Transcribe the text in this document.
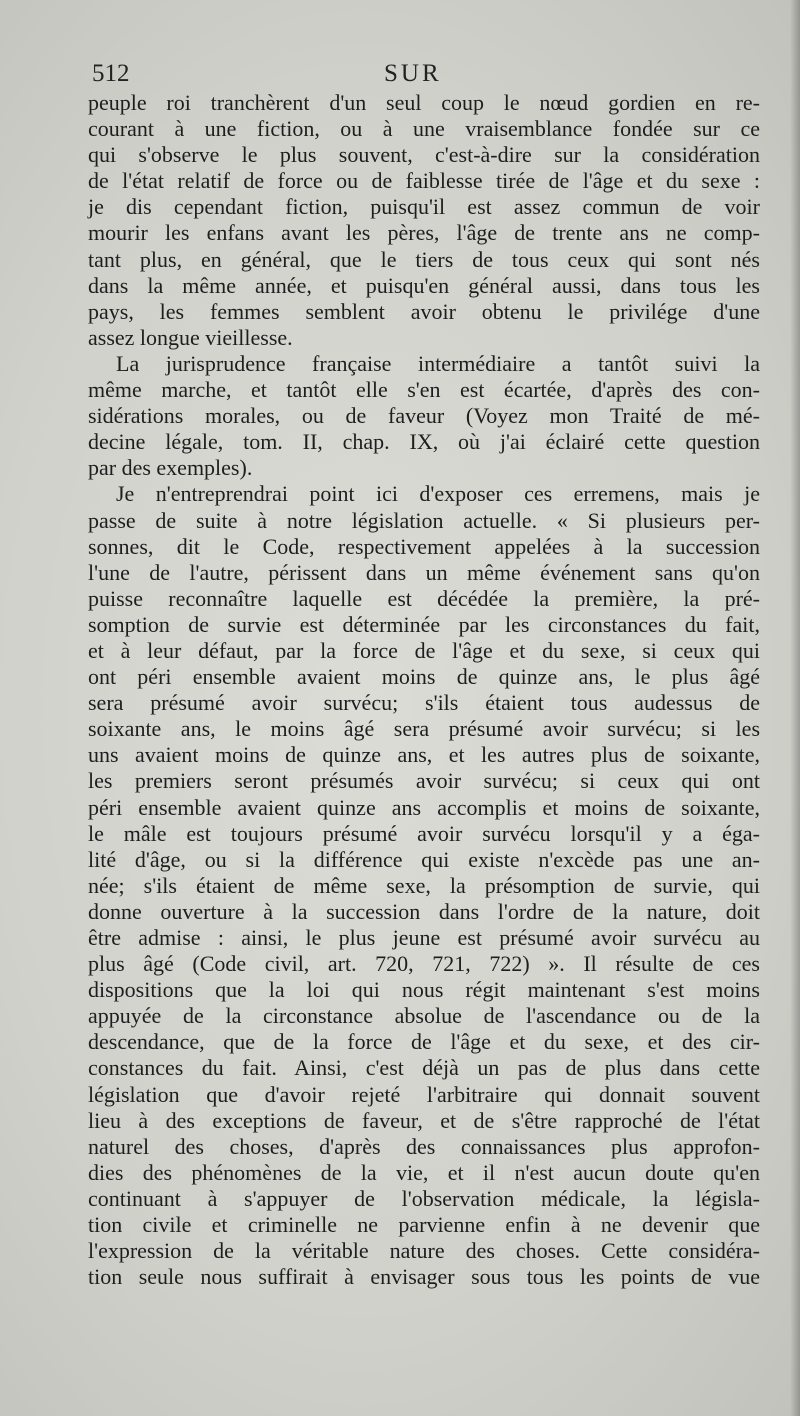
512	SUR
peuple roi tranchèrent d'un seul coup le nœud gordien en re-
courant à une fiction, ou à une vraisemblance fondée sur ce
qui s'observe le plus souvent, c'est-à-dire sur la considération
de l'état relatif de force ou de faiblesse tirée de l'âge et du sexe :
je dis cependant fiction, puisqu'il est assez commun de voir
mourir les enfans avant les pères, l'âge de trente ans ne comp-
tant plus, en général, que le tiers de tous ceux qui sont nés
dans la même année, et puisqu'en général aussi, dans tous les
pays, les femmes semblent avoir obtenu le privilége d'une
assez longue vieillesse.
La jurisprudence française intermédiaire a tantôt suivi la
même marche, et tantôt elle s'en est écartée, d'après des con-
sidérations morales, ou de faveur (Voyez mon Traité de mé-
decine légale, tom. II, chap. IX, où j'ai éclairé cette question
par des exemples).
Je n'entreprendrai point ici d'exposer ces erremens, mais je
passe de suite à notre législation actuelle. « Si plusieurs per-
sonnes, dit le Code, respectivement appelées à la succession
l'une de l'autre, périssent dans un même événement sans qu'on
puisse reconnaître laquelle est décédée la première, la pré-
somption de survie est déterminée par les circonstances du fait,
et à leur défaut, par la force de l'âge et du sexe, si ceux qui
ont péri ensemble avaient moins de quinze ans, le plus âgé
sera présumé avoir survécu; s'ils étaient tous audessus de
soixante ans, le moins âgé sera présumé avoir survécu; si les
uns avaient moins de quinze ans, et les autres plus de soixante,
les premiers seront présumés avoir survécu; si ceux qui ont
péri ensemble avaient quinze ans accomplis et moins de soixante,
le mâle est toujours présumé avoir survécu lorsqu'il y a éga-
lité d'âge, ou si la différence qui existe n'excède pas une an-
née; s'ils étaient de même sexe, la présomption de survie, qui
donne ouverture à la succession dans l'ordre de la nature, doit
être admise : ainsi, le plus jeune est présumé avoir survécu au
plus âgé (Code civil, art. 720, 721, 722) ». Il résulte de ces
dispositions que la loi qui nous régit maintenant s'est moins
appuyée de la circonstance absolue de l'ascendance ou de la
descendance, que de la force de l'âge et du sexe, et des cir-
constances du fait. Ainsi, c'est déjà un pas de plus dans cette
législation que d'avoir rejeté l'arbitraire qui donnait souvent
lieu à des exceptions de faveur, et de s'être rapproché de l'état
naturel des choses, d'après des connaissances plus approfon-
dies des phénomènes de la vie, et il n'est aucun doute qu'en
continuant à s'appuyer de l'observation médicale, la législa-
tion civile et criminelle ne parvienne enfin à ne devenir que
l'expression de la véritable nature des choses. Cette considéra-
tion seule nous suffirait à envisager sous tous les points de vue
